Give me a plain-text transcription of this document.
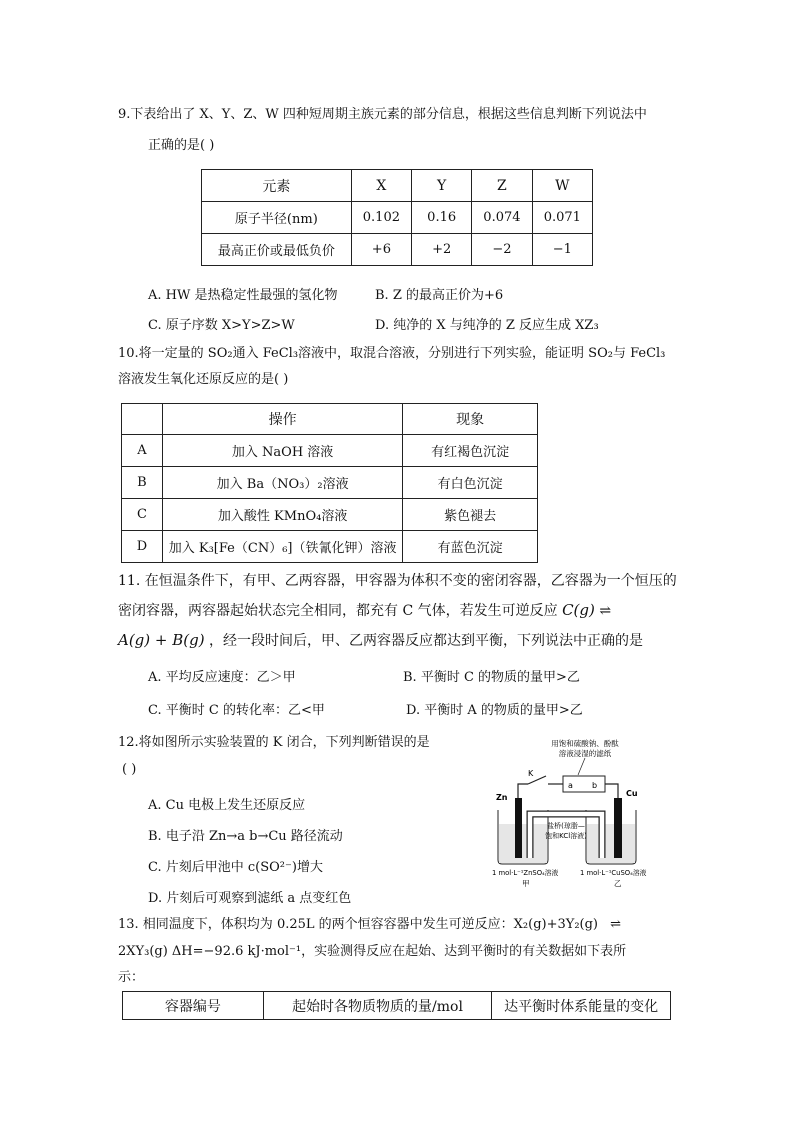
9.下表给出了 X、Y、Z、W 四种短周期主族元素的部分信息，根据这些信息判断下列说法中
正确的是( )
元素	X	Y	Z	W
原子半径(nm)	0.102	0.16	0.074	0.071
最高正价或最低负价	+6	+2	−2	−1
A. HW 是热稳定性最强的氢化物	B. Z 的最高正价为+6
C. 原子序数 X>Y>Z>W	D. 纯净的 X 与纯净的 Z 反应生成 XZ₃
10.将一定量的 SO₂通入 FeCl₃溶液中，取混合溶液，分别进行下列实验，能证明 SO₂与 FeCl₃
溶液发生氧化还原反应的是( )
	操作	现象
A	加入 NaOH 溶液	有红褐色沉淀
B	加入 Ba（NO₃）₂溶液	有白色沉淀
C	加入酸性 KMnO₄溶液	紫色褪去
D	加入 K₃[Fe（CN）₆]（铁氰化钾）溶液	有蓝色沉淀
11. 在恒温条件下，有甲、乙两容器，甲容器为体积不变的密闭容器，乙容器为一个恒压的
密闭容器，两容器起始状态完全相同，都充有 C 气体，若发生可逆反应 C(g) ⇌
A(g) + B(g) ，经一段时间后，甲、乙两容器反应都达到平衡，下列说法中正确的是
A. 平均反应速度：乙＞甲	B. 平衡时 C 的物质的量甲>乙
C. 平衡时 C 的转化率：乙<甲	D. 平衡时 A 的物质的量甲>乙
12.将如图所示实验装置的 K 闭合，下列判断错误的是
( )
A. Cu 电极上发生还原反应
B. 电子沿 Zn→a b→Cu 路径流动
C. 片刻后甲池中 c(SO²⁻)增大
D. 片刻后可观察到滤纸 a 点变红色
用饱和硫酸钠、酚酞
溶液浸湿的滤纸
K
a b
Zn	Cu
盐桥(琼脂—
饱和KCl溶液)
1 mol·L⁻¹ZnSO₄溶液	1 mol·L⁻¹CuSO₄溶液
甲	乙
13. 相同温度下，体积均为 0.25L 的两个恒容容器中发生可逆反应：X₂(g)+3Y₂(g) ⇌
2XY₃(g) ΔH=−92.6 kJ·mol⁻¹，实验测得反应在起始、达到平衡时的有关数据如下表所
示：
容器编号	起始时各物质物质的量/mol	达平衡时体系能量的变化
